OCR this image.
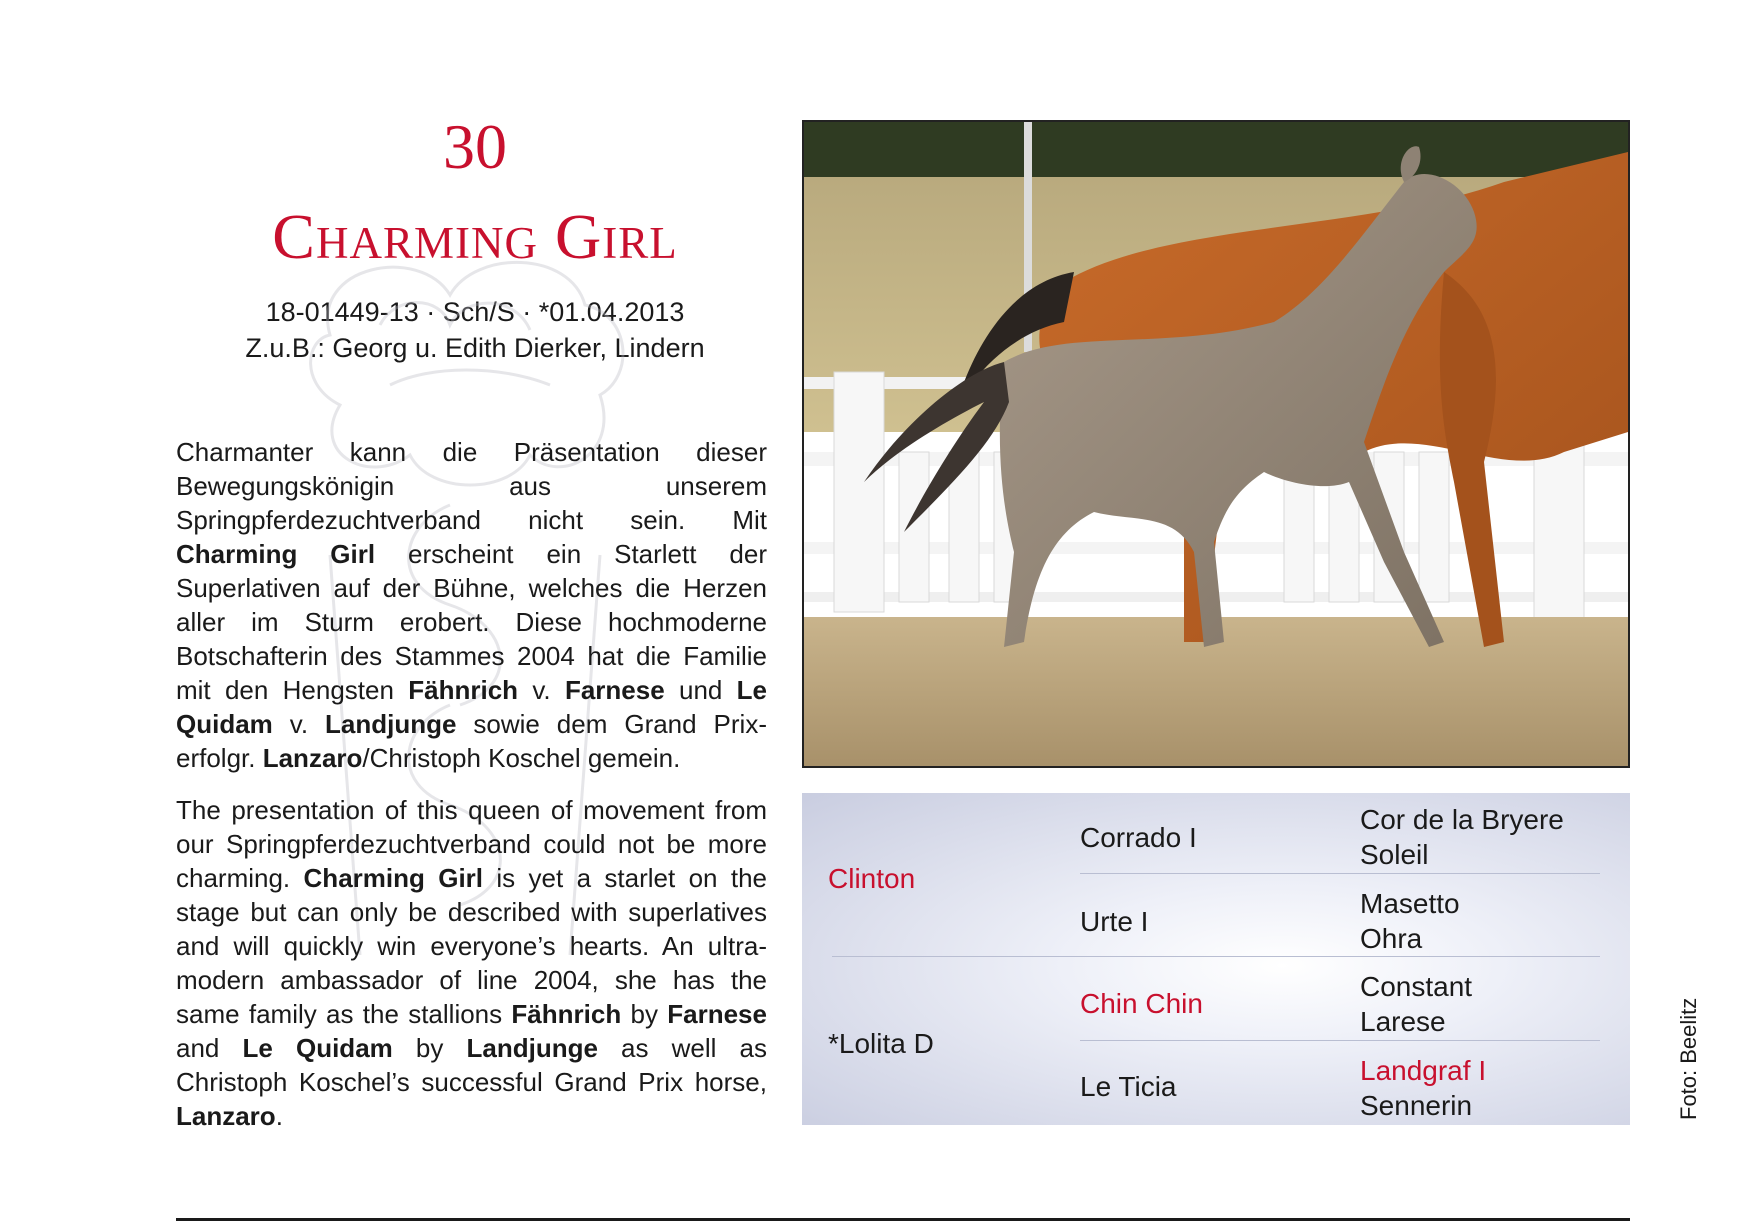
30
Charming Girl
18-01449-13 · Sch/S · *01.04.2013
Z.u.B.: Georg u. Edith Dierker, Lindern
Charmanter kann die Präsentation dieser Bewegungskönigin aus unserem Springpferdezuchtverband nicht sein. Mit Charming Girl erscheint ein Starlett der Superlativen auf der Bühne, welches die Herzen aller im Sturm erobert. Diese hochmoderne Botschafterin des Stammes 2004 hat die Familie mit den Hengsten Fähnrich v. Farnese und Le Quidam v. Landjunge sowie dem Grand Prix-erfolgr. Lanzaro/Christoph Koschel gemein.
The presentation of this queen of movement from our Springpferdezuchtverband could not be more charming. Charming Girl is yet a starlet on the stage but can only be described with superlatives and will quickly win everyone’s hearts. An ultra-modern ambassador of line 2004, she has the same family as the stallions Fähnrich by Farnese and Le Quidam by Landjunge as well as Christoph Koschel’s successful Grand Prix horse, Lanzaro.
Clinton
*Lolita D
Corrado I
Urte I
Chin Chin
Le Ticia
Cor de la Bryere
Soleil
Masetto
Ohra
Constant
Larese
Landgraf I
Sennerin	Foto: Beelitz
